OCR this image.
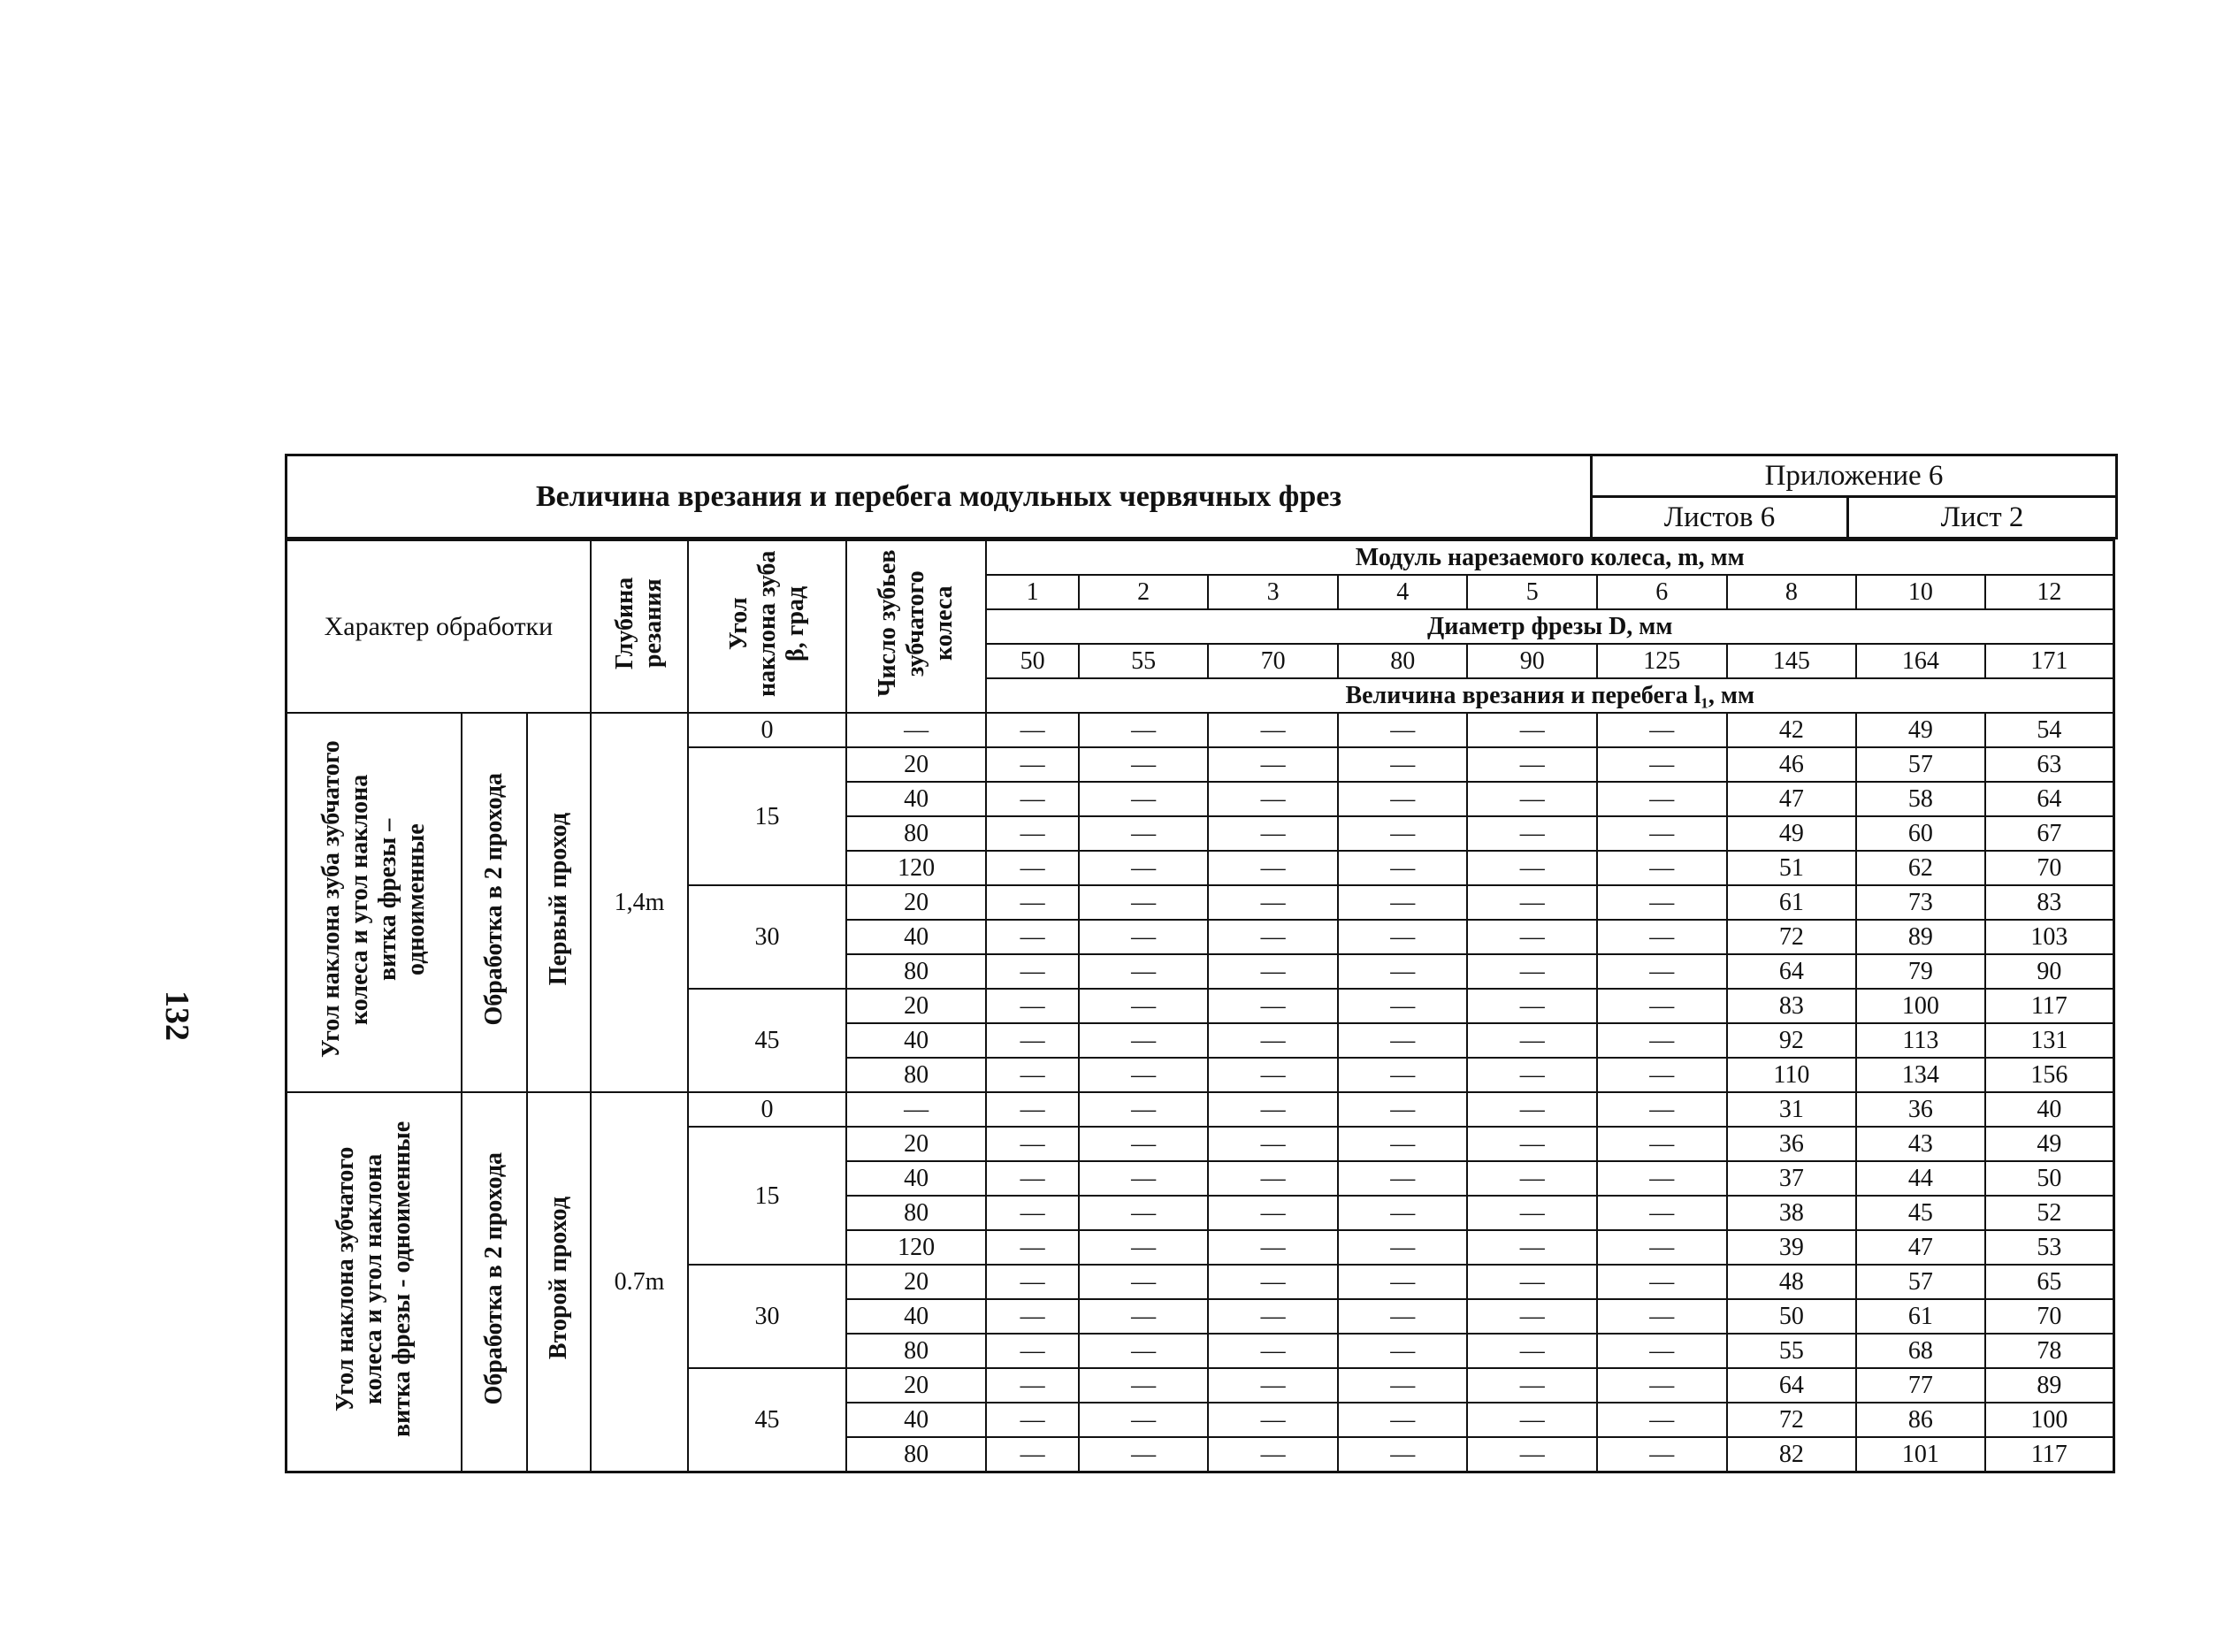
132
Величина врезания и перебега модульных червячных фрез	Приложение 6	
	Листов 6	Лист 2
Характер обработки			Глубина резания	Угол наклона зуба β, град	Число зубьев зубчатого колеса	Модуль нарезаемого колеса, m, мм								
						1	2	3	4	5	6	8	10	12
						Диаметр фрезы D, мм								
						50	55	70	80	90	125	145	164	171
						Величина врезания и перебега l₁, мм								
Угол наклона зуба зубчатого колеса и угол наклона витка фрезы – одноименные	Обработка в 2 прохода	Первый проход	1,4m	0	—	—	—	—	—	—	—	42	49	54
				15	20	—	—	—	—	—	—	46	57	63
					40	—	—	—	—	—	—	47	58	64
					80	—	—	—	—	—	—	49	60	67
					120	—	—	—	—	—	—	51	62	70
				30	20	—	—	—	—	—	—	61	73	83
					40	—	—	—	—	—	—	72	89	103
					80	—	—	—	—	—	—	64	79	90
				45	20	—	—	—	—	—	—	83	100	117
					40	—	—	—	—	—	—	92	113	131
					80	—	—	—	—	—	—	110	134	156
Угол наклона зубчатого колеса и угол наклона витка фрезы - одноименные	Обработка в 2 прохода	Второй проход	0.7m	0	—	—	—	—	—	—	—	31	36	40
				15	20	—	—	—	—	—	—	36	43	49
					40	—	—	—	—	—	—	37	44	50
					80	—	—	—	—	—	—	38	45	52
					120	—	—	—	—	—	—	39	47	53
				30	20	—	—	—	—	—	—	48	57	65
					40	—	—	—	—	—	—	50	61	70
					80	—	—	—	—	—	—	55	68	78
				45	20	—	—	—	—	—	—	64	77	89
					40	—	—	—	—	—	—	72	86	100
					80	—	—	—	—	—	—	82	101	117
